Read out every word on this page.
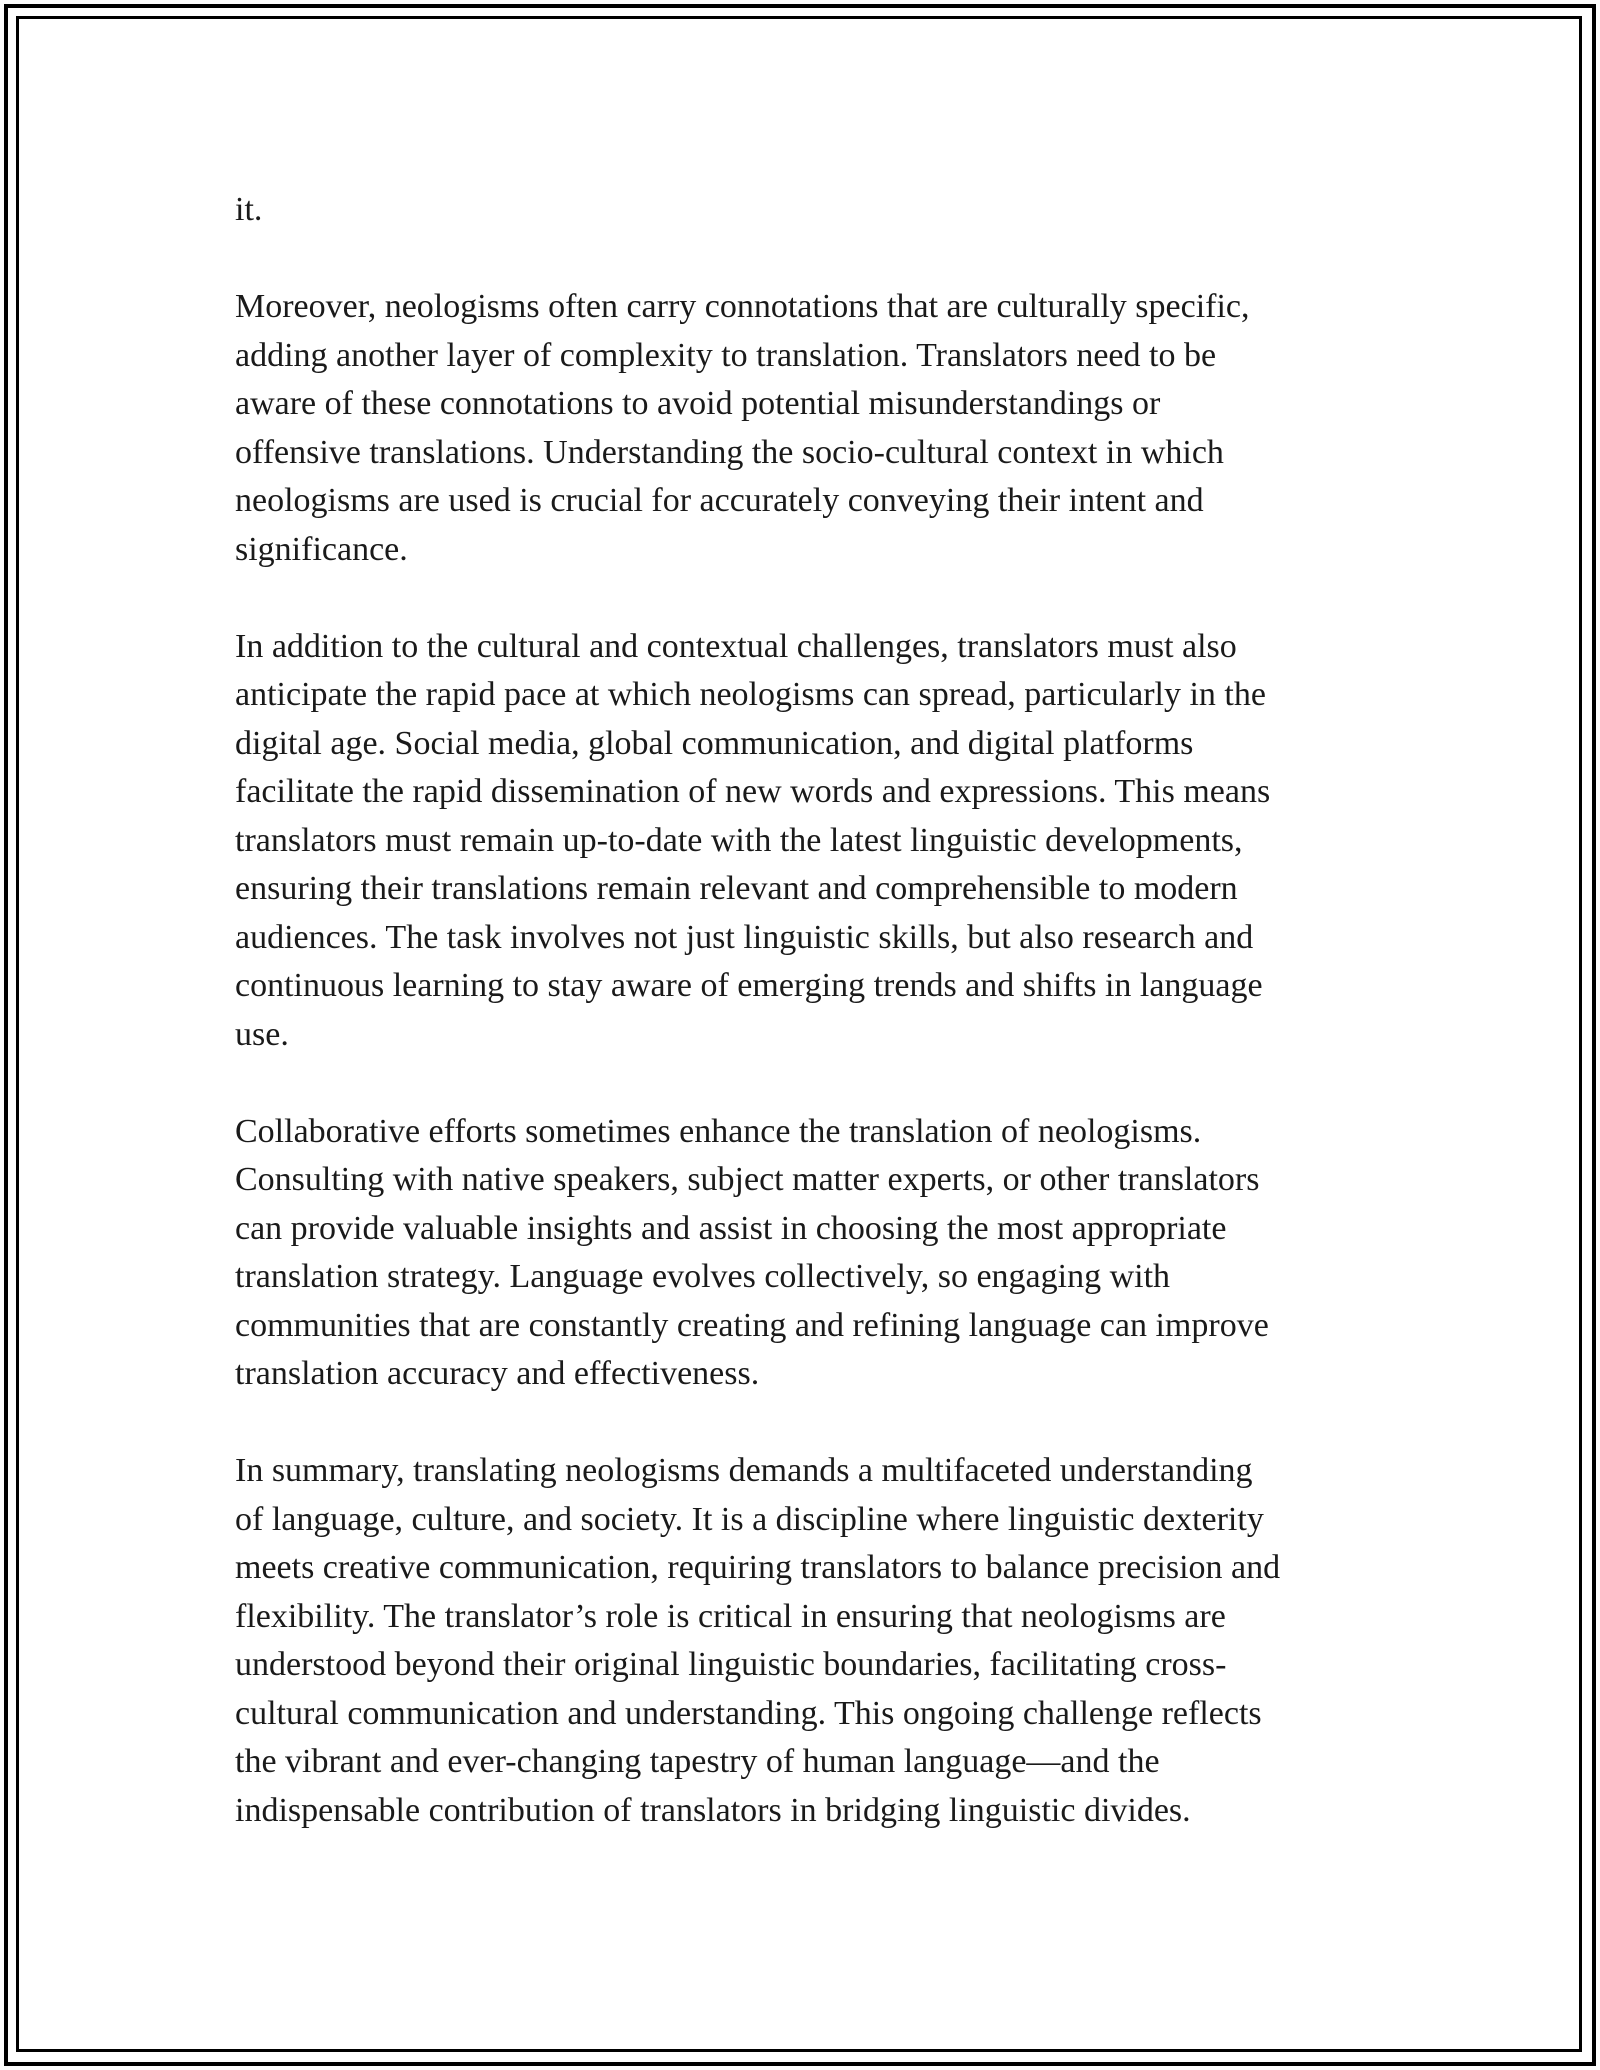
it.

Moreover, neologisms often carry connotations that are culturally specific,
adding another layer of complexity to translation. Translators need to be
aware of these connotations to avoid potential misunderstandings or
offensive translations. Understanding the socio-cultural context in which
neologisms are used is crucial for accurately conveying their intent and
significance.

In addition to the cultural and contextual challenges, translators must also
anticipate the rapid pace at which neologisms can spread, particularly in the
digital age. Social media, global communication, and digital platforms
facilitate the rapid dissemination of new words and expressions. This means
translators must remain up-to-date with the latest linguistic developments,
ensuring their translations remain relevant and comprehensible to modern
audiences. The task involves not just linguistic skills, but also research and
continuous learning to stay aware of emerging trends and shifts in language
use.

Collaborative efforts sometimes enhance the translation of neologisms.
Consulting with native speakers, subject matter experts, or other translators
can provide valuable insights and assist in choosing the most appropriate
translation strategy. Language evolves collectively, so engaging with
communities that are constantly creating and refining language can improve
translation accuracy and effectiveness.

In summary, translating neologisms demands a multifaceted understanding
of language, culture, and society. It is a discipline where linguistic dexterity
meets creative communication, requiring translators to balance precision and
flexibility. The translator’s role is critical in ensuring that neologisms are
understood beyond their original linguistic boundaries, facilitating cross-
cultural communication and understanding. This ongoing challenge reflects
the vibrant and ever-changing tapestry of human language—and the
indispensable contribution of translators in bridging linguistic divides.
